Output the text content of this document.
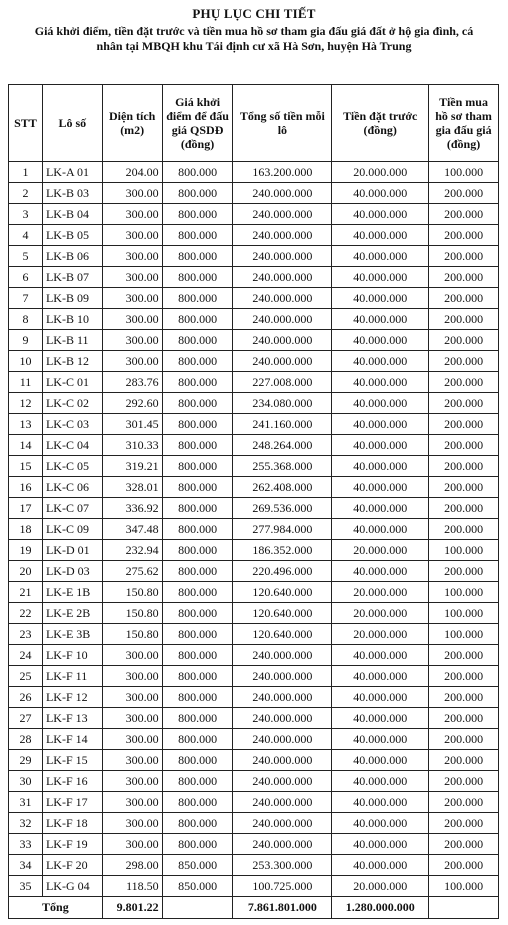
PHỤ LỤC CHI TIẾT
Giá khởi điểm, tiền đặt trước và tiền mua hồ sơ tham gia đấu giá đất ở hộ gia đình, cá
nhân tại MBQH khu Tái định cư xã Hà Sơn, huyện Hà Trung
STT	Lô số	Diện tích (m2)	Giá khởi điểm để đấu giá QSDĐ (đồng)	Tổng số tiền mỗi lô	Tiền đặt trước (đồng)	Tiền mua hồ sơ tham gia đấu giá (đồng)
1	LK-A 01	204.00	800.000	163.200.000	20.000.000	100.000
2	LK-B 03	300.00	800.000	240.000.000	40.000.000	200.000
3	LK-B 04	300.00	800.000	240.000.000	40.000.000	200.000
4	LK-B 05	300.00	800.000	240.000.000	40.000.000	200.000
5	LK-B 06	300.00	800.000	240.000.000	40.000.000	200.000
6	LK-B 07	300.00	800.000	240.000.000	40.000.000	200.000
7	LK-B 09	300.00	800.000	240.000.000	40.000.000	200.000
8	LK-B 10	300.00	800.000	240.000.000	40.000.000	200.000
9	LK-B 11	300.00	800.000	240.000.000	40.000.000	200.000
10	LK-B 12	300.00	800.000	240.000.000	40.000.000	200.000
11	LK-C 01	283.76	800.000	227.008.000	40.000.000	200.000
12	LK-C 02	292.60	800.000	234.080.000	40.000.000	200.000
13	LK-C 03	301.45	800.000	241.160.000	40.000.000	200.000
14	LK-C 04	310.33	800.000	248.264.000	40.000.000	200.000
15	LK-C 05	319.21	800.000	255.368.000	40.000.000	200.000
16	LK-C 06	328.01	800.000	262.408.000	40.000.000	200.000
17	LK-C 07	336.92	800.000	269.536.000	40.000.000	200.000
18	LK-C 09	347.48	800.000	277.984.000	40.000.000	200.000
19	LK-D 01	232.94	800.000	186.352.000	20.000.000	100.000
20	LK-D 03	275.62	800.000	220.496.000	40.000.000	200.000
21	LK-E 1B	150.80	800.000	120.640.000	20.000.000	100.000
22	LK-E 2B	150.80	800.000	120.640.000	20.000.000	100.000
23	LK-E 3B	150.80	800.000	120.640.000	20.000.000	100.000
24	LK-F 10	300.00	800.000	240.000.000	40.000.000	200.000
25	LK-F 11	300.00	800.000	240.000.000	40.000.000	200.000
26	LK-F 12	300.00	800.000	240.000.000	40.000.000	200.000
27	LK-F 13	300.00	800.000	240.000.000	40.000.000	200.000
28	LK-F 14	300.00	800.000	240.000.000	40.000.000	200.000
29	LK-F 15	300.00	800.000	240.000.000	40.000.000	200.000
30	LK-F 16	300.00	800.000	240.000.000	40.000.000	200.000
31	LK-F 17	300.00	800.000	240.000.000	40.000.000	200.000
32	LK-F 18	300.00	800.000	240.000.000	40.000.000	200.000
33	LK-F 19	300.00	800.000	240.000.000	40.000.000	200.000
34	LK-F 20	298.00	850.000	253.300.000	40.000.000	200.000
35	LK-G 04	118.50	850.000	100.725.000	20.000.000	100.000
Tổng		9.801.22		7.861.801.000	1.280.000.000	
